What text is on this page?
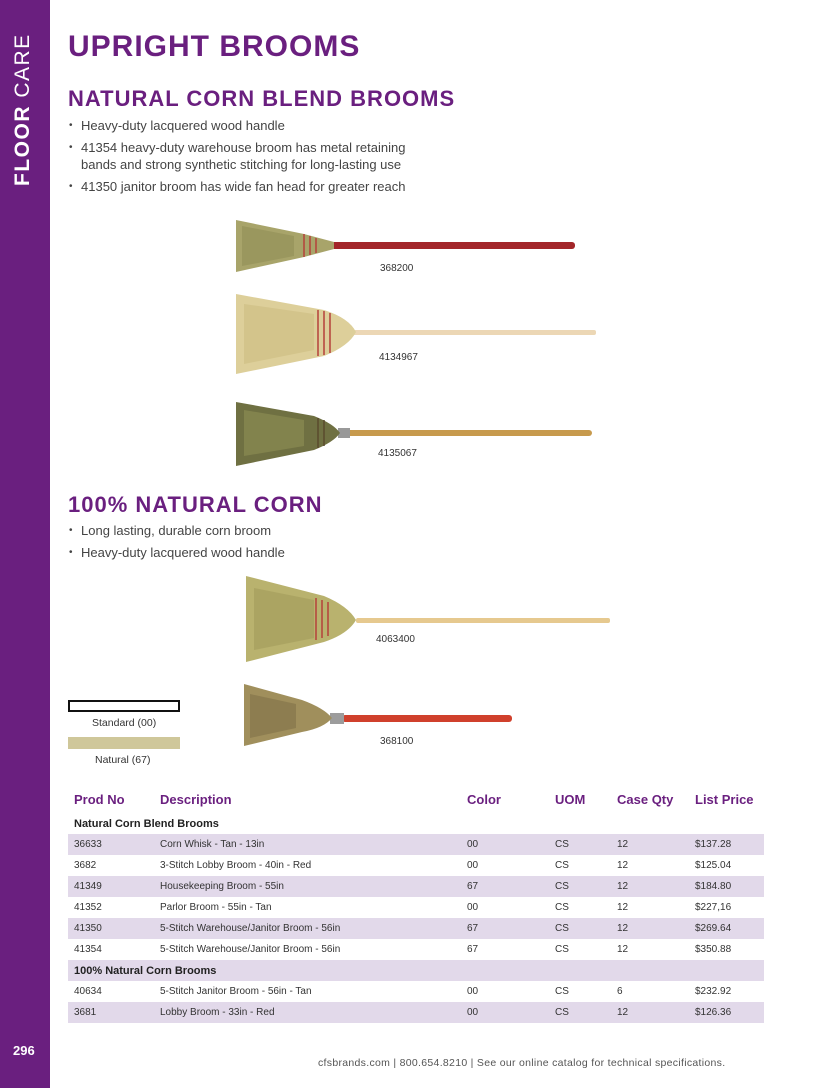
FLOOR CARE
296
UPRIGHT BROOMS
NATURAL CORN BLEND BROOMS
• Heavy-duty lacquered wood handle
• 41354 heavy-duty warehouse broom has metal retaining bands and strong synthetic stitching for long-lasting use
• 41350 janitor broom has wide fan head for greater reach
368200
4134967
4135067
100% NATURAL CORN
• Long lasting, durable corn broom
• Heavy-duty lacquered wood handle
4063400
368100
Standard (00)
Natural (67)
Prod No	Description	Color	UOM	Case Qty	List Price
Natural Corn Blend Brooms					
36633	Corn Whisk - Tan - 13in	00	CS	12	$137.28
3682	3-Stitch Lobby Broom - 40in - Red	00	CS	12	$125.04
41349	Housekeeping Broom - 55in	67	CS	12	$184.80
41352	Parlor Broom - 55in - Tan	00	CS	12	$227,16
41350	5-Stitch Warehouse/Janitor Broom - 56in	67	CS	12	$269.64
41354	5-Stitch Warehouse/Janitor Broom - 56in	67	CS	12	$350.88
100% Natural Corn Brooms					
40634	5-Stitch Janitor Broom - 56in - Tan	00	CS	6	$232.92
3681	Lobby Broom - 33in - Red	00	CS	12	$126.36
cfsbrands.com | 800.654.8210 | See our online catalog for technical specifications.
